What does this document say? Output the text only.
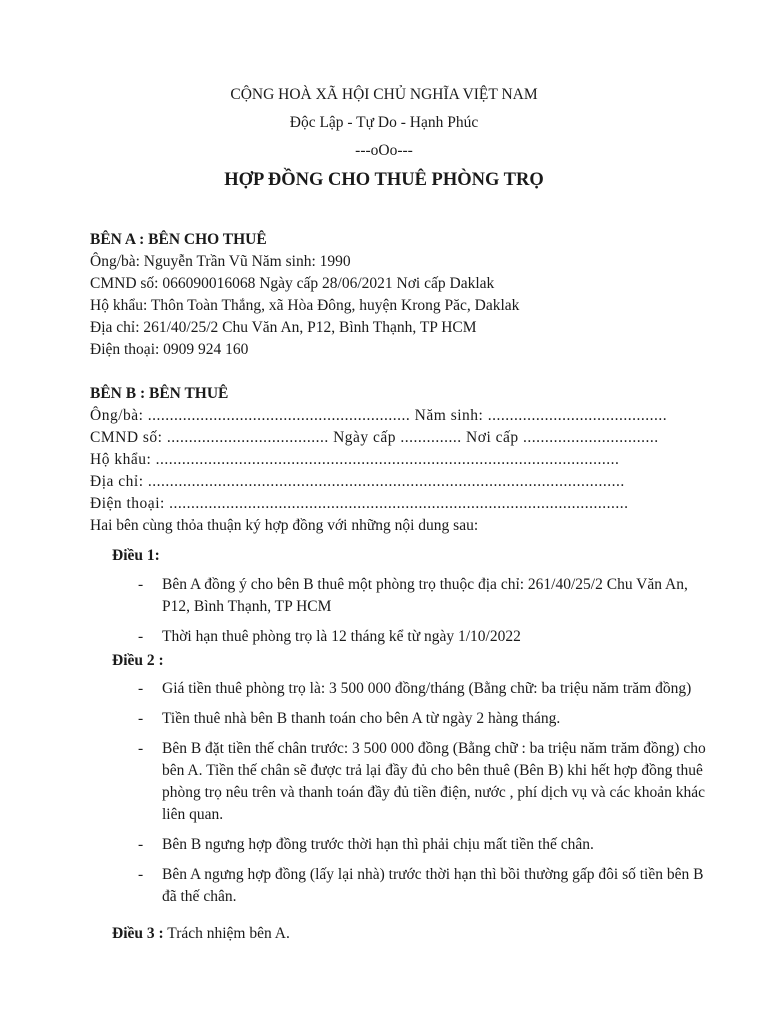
CỘNG HOÀ XÃ HỘI CHỦ NGHĨA VIỆT NAM
Độc Lập - Tự Do - Hạnh Phúc
---oOo---
HỢP ĐỒNG CHO THUÊ PHÒNG TRỌ
BÊN A : BÊN CHO THUÊ
Ông/bà: Nguyễn Trần Vũ Năm sinh: 1990
CMND số: 066090016068 Ngày cấp 28/06/2021 Nơi cấp Daklak
Hộ khẩu: Thôn Toàn Thắng, xã Hòa Đông, huyện Krong Păc, Daklak
Địa chỉ: 261/40/25/2 Chu Văn An, P12, Bình Thạnh, TP HCM
Điện thoại: 0909 924 160
BÊN B : BÊN THUÊ
Ông/bà: ............................................................ Năm sinh: .........................................
CMND số: ..................................... Ngày cấp .............. Nơi cấp ...............................
Hộ khẩu: ..........................................................................................................
Địa chỉ: .............................................................................................................
Điện thoại: .........................................................................................................
Hai bên cùng thỏa thuận ký hợp đồng với những nội dung sau:
Điều 1:
- Bên A đồng ý cho bên B thuê một phòng trọ thuộc địa chỉ: 261/40/25/2 Chu Văn An, P12, Bình Thạnh, TP HCM
- Thời hạn thuê phòng trọ là 12 tháng kể từ ngày 1/10/2022
Điều 2 :
- Giá tiền thuê phòng trọ là: 3 500 000 đồng/tháng (Bằng chữ: ba triệu năm trăm đồng)
- Tiền thuê nhà bên B thanh toán cho bên A từ ngày 2 hàng tháng.
- Bên B đặt tiền thế chân trước: 3 500 000 đồng (Bằng chữ : ba triệu năm trăm đồng) cho bên A. Tiền thế chân sẽ được trả lại đầy đủ cho bên thuê (Bên B) khi hết hợp đồng thuê phòng trọ nêu trên và thanh toán đầy đủ tiền điện, nước , phí dịch vụ và các khoản khác liên quan.
- Bên B ngưng hợp đồng trước thời hạn thì phải chịu mất tiền thế chân.
- Bên A ngưng hợp đồng (lấy lại nhà) trước thời hạn thì bồi thường gấp đôi số tiền bên B đã thế chân.
Điều 3 : Trách nhiệm bên A.
